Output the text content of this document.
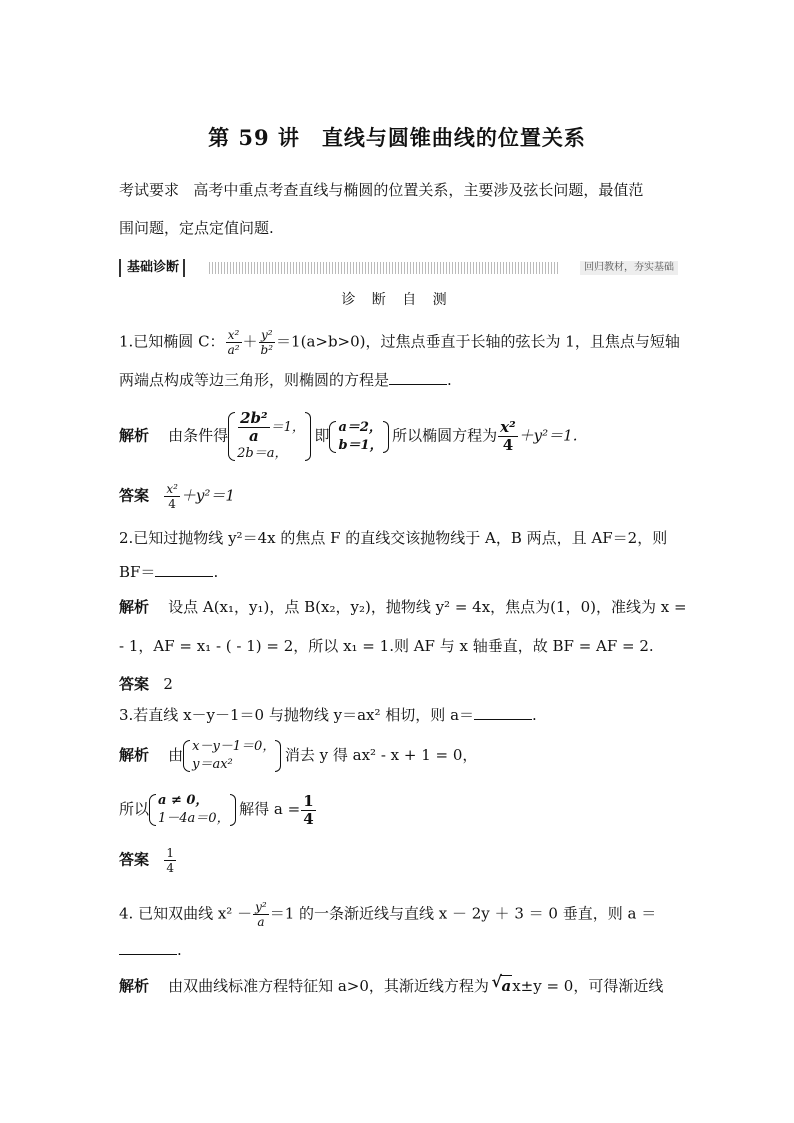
第 59 讲　直线与圆锥曲线的位置关系
考试要求 高考中重点考查直线与椭圆的位置关系，主要涉及弦长问题，最值范
围问题，定点定值问题.
基础诊断	回归教材，夯实基础
诊 断 自 测
1.已知椭圆 C： $\frac{\text{x²}}{\text{a²}} + \frac{\text{y²}}{\text{b²}} =1(a>b>0)$，过焦点垂直于长轴的弦长为 1，且焦点与短轴
两端点构成等边三角形，则椭圆的方程是	.
解析 由条件得 $\frac{\text{2b²}}{a} =1$，
2b＝a，
即 a＝2，
b＝1，
所以椭圆方程为 $\frac{\text{x²}}{4} +y^2=1$.
答案 $\frac{\text{x²}}{4} +y^2=1$
2.已知过抛物线 y²＝4x 的焦点 F 的直线交该抛物线于 A，B 两点，且 AF＝2，则
BF＝	.
解析 设点 A(x₁，y₁)，点 B(x₂，y₂)，抛物线 y² = 4x，焦点为(1，0)，准线为 x =
- 1，AF = x₁ - ( - 1) = 2，所以 x₁ = 1.则 AF 与 x 轴垂直，故 BF = AF = 2.
答案 2
3.若直线 x－y－1＝0 与抛物线 y＝ax² 相切，则 a＝	.
解析 由 x－y－1＝0，
y＝ax²
消去 y 得 ax² - x + 1 = 0，
所以 a ≠ 0，
1－4a＝0，
解得 $a = \frac{1}{4}$
答案 $\frac{1}{4}$
4. 已知双曲线 $x^2 - \frac{\text{y²}}{a} =1$ 的一条渐近线与直线 x － 2y ＋ 3 ＝ 0 垂直，则 a ＝
.
解析 由双曲线标准方程特征知 a>0，其渐近线方程为  √ ax±y = 0，可得渐近线
